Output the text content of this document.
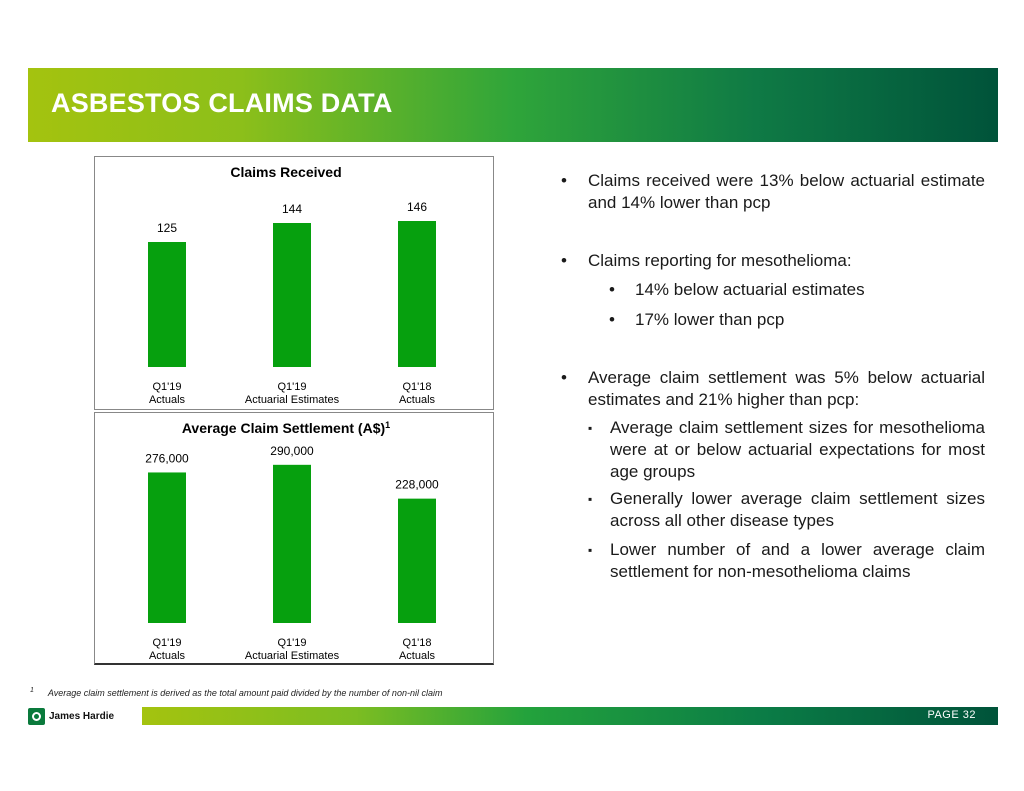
ASBESTOS CLAIMS DATA
Claims Received
125
Q1'19
Actuals
144
Q1'19
Actuarial Estimates
146
Q1'18
Actuals
Average Claim Settlement (A$)$^1$
276,000
Q1'19
Actuals
290,000
Q1'19
Actuarial Estimates
228,000
Q1'18
Actuals
• Claims received were 13% below actuarial estimate and 14% lower than pcp
• Claims reporting for mesothelioma:
• 14% below actuarial estimates
• 17% lower than pcp
• Average claim settlement was 5% below actuarial estimates and 21% higher than pcp:
▪ Average claim settlement sizes for mesothelioma were at or below actuarial expectations for most age groups
▪ Generally lower average claim settlement sizes across all other disease types
▪ Lower number of and a lower average claim settlement for non-mesothelioma claims
$^1$ Average claim settlement is derived as the total amount paid divided by the number of non-nil claim
James Hardie	PAGE 32
